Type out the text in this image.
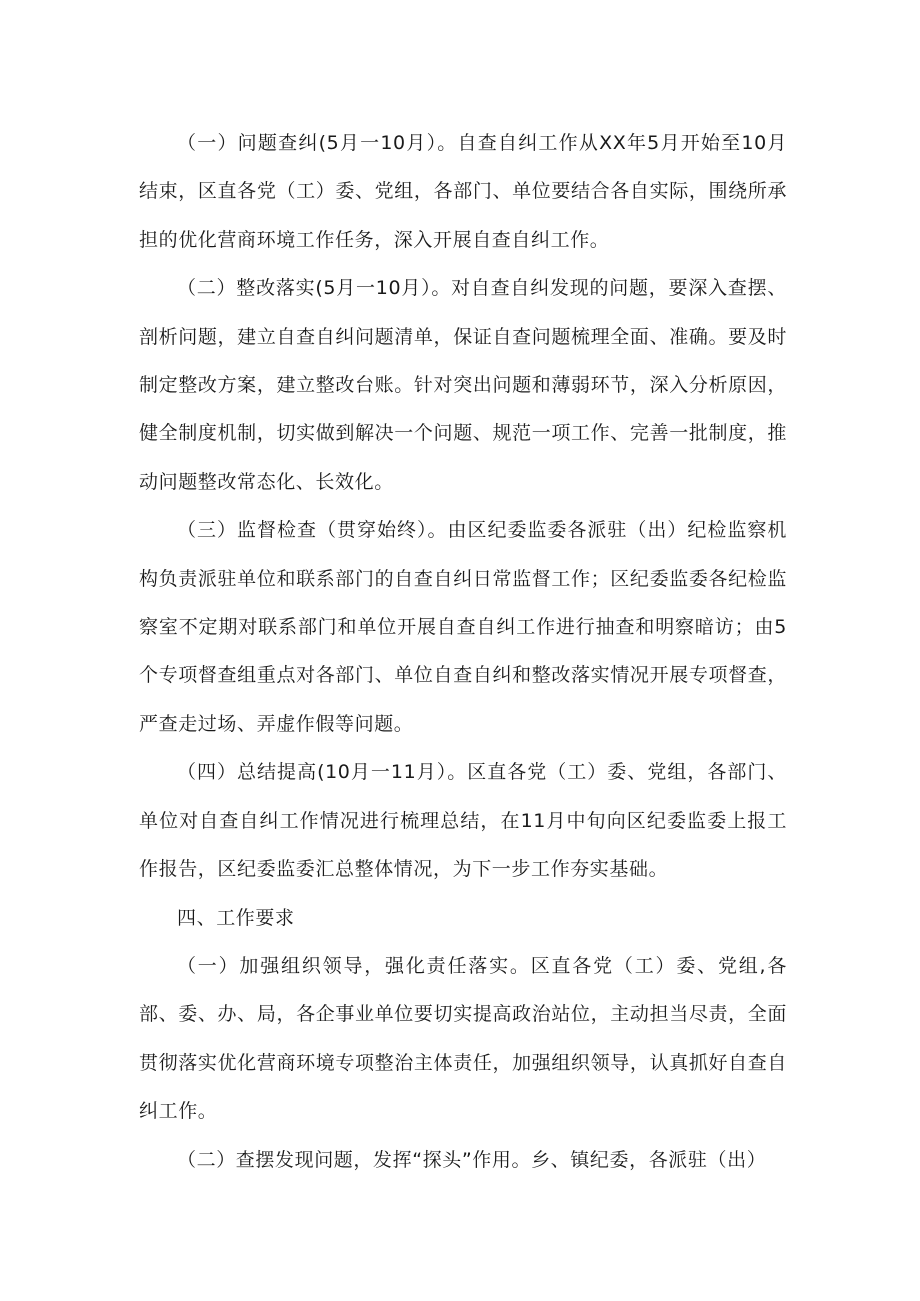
（一）问题查纠(5月一10月）。自查自纠工作从XX年5月开始至10月结束，区直各党（工）委、党组，各部门、单位要结合各自实际，围绕所承担的优化营商环境工作任务，深入开展自查自纠工作。

（二）整改落实(5月一10月）。对自查自纠发现的问题，要深入查摆、剖析问题，建立自查自纠问题清单，保证自查问题梳理全面、准确。要及时制定整改方案，建立整改台账。针对突出问题和薄弱环节，深入分析原因，健全制度机制，切实做到解决一个问题、规范一项工作、完善一批制度，推动问题整改常态化、长效化。

（三）监督检查（贯穿始终）。由区纪委监委各派驻（出）纪检监察机构负责派驻单位和联系部门的自查自纠日常监督工作；区纪委监委各纪检监察室不定期对联系部门和单位开展自查自纠工作进行抽查和明察暗访；由5个专项督查组重点对各部门、单位自查自纠和整改落实情况开展专项督查，严查走过场、弄虚作假等问题。

（四）总结提高(10月一11月）。区直各党（工）委、党组，各部门、单位对自查自纠工作情况进行梳理总结，在11月中旬向区纪委监委上报工作报告，区纪委监委汇总整体情况，为下一步工作夯实基础。

四、工作要求

（一）加强组织领导，强化责任落实。区直各党（工）委、党组,各部、委、办、局，各企事业单位要切实提高政治站位，主动担当尽责，全面贯彻落实优化营商环境专项整治主体责任，加强组织领导，认真抓好自查自纠工作。

（二）查摆发现问题，发挥“探头”作用。乡、镇纪委，各派驻（出）
